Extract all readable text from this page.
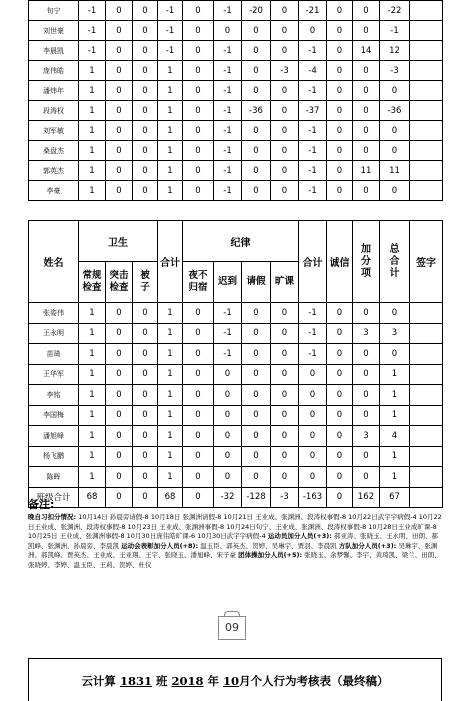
旬宁	-1	0	0	-1	0	-1	-20	0	-21	0	0	-22	
刘世豪	-1	0	0	-1	0	0	0	0	0	0	0	-1	
李晨凯	-1	0	0	-1	0	-1	0	0	-1	0	14	12	
庞伟皓	1	0	0	1	0	-1	0	-3	-4	0	0	-3	
潘炜年	1	0	0	1	0	-1	0	0	-1	0	0	0	
段涛权	1	0	0	1	0	-1	-36	0	-37	0	0	-36	
刘军敏	1	0	0	1	0	-1	0	0	-1	0	0	0	
桑盘杰	1	0	0	1	0	-1	0	0	-1	0	0	0	
郭英杰	1	0	0	1	0	-1	0	0	-1	0	11	11	
李豪	1	0	0	1	0	-1	0	0	-1	0	0	0	
姓名	卫生			合计	纪律				合计	诚信	加分项	总合计	签字
	常规检查	突击检查	被子		夜不归宿	迟到	请假	旷课					
张姿伟	1	0	0	1	0	-1	0	0	-1	0	0	0	
王永明	1	0	0	1	0	-1	0	0	-1	0	3	3	
苗琦	1	0	0	1	0	-1	0	0	-1	0	0	0	
王华军	1	0	0	1	0	0	0	0	0	0	0	1	
李铭	1	0	0	1	0	0	0	0	0	0	0	1	
李国梅	1	0	0	1	0	0	0	0	0	0	0	1	
潘旭峰	1	0	0	1	0	0	0	0	0	0	3	4	
杨飞鹏	1	0	0	1	0	0	0	0	0	0	0	1	
陈晖	1	0	0	1	0	0	0	0	0	0	0	1	
班级合计	68	0	0	68	0	-32	-128	-3	-163	0	162	67	
备注:
晚自习扣分情况: 10月14日 孙晨旁请假-8 10月18日 张渊洲请假-8 10月21日 王业成、张渊洲、段涛权事假-8 10月22日武宇宇病假-4 10月22日王业成、张渊洲、段涛权事假-8 10月23日 王业成、张渊洲事假-8 10月24日旬宁、王业成、张渊洲、段涛权事假-8 10月28日王业成旷课-8 10月25日 王业成、张渊洲事假-8 10月30日庞伟皓旷课-6 10月30日武宇宇病假-4 运动员加分人员(+3): 郝亚涛、张晓玉、王永明、田朗、郝凯峰、张渊洲、孙晨旁、李晨凯 运动会表彰加分人员(+8): 温玉臣、郭英杰、贺婷、吴琳宇、贾羽、李晨凯 方队加分人员(+3): 吴琳宇、张渊洲、郝凯峰、贾英杰、王业成、王亚翔、王宇、张晓玉、潘旭峰、宋子豪 团体操加分人员(+5): 张晓玉、余梦馨、李宇、黄琦凯、梁兰、田朗、张晓婷、李婷、温玉臣、王莉、贺婷、杜仪
09
云计算 1831 班 2018 年 10月个人行为考核表（最终稿）
